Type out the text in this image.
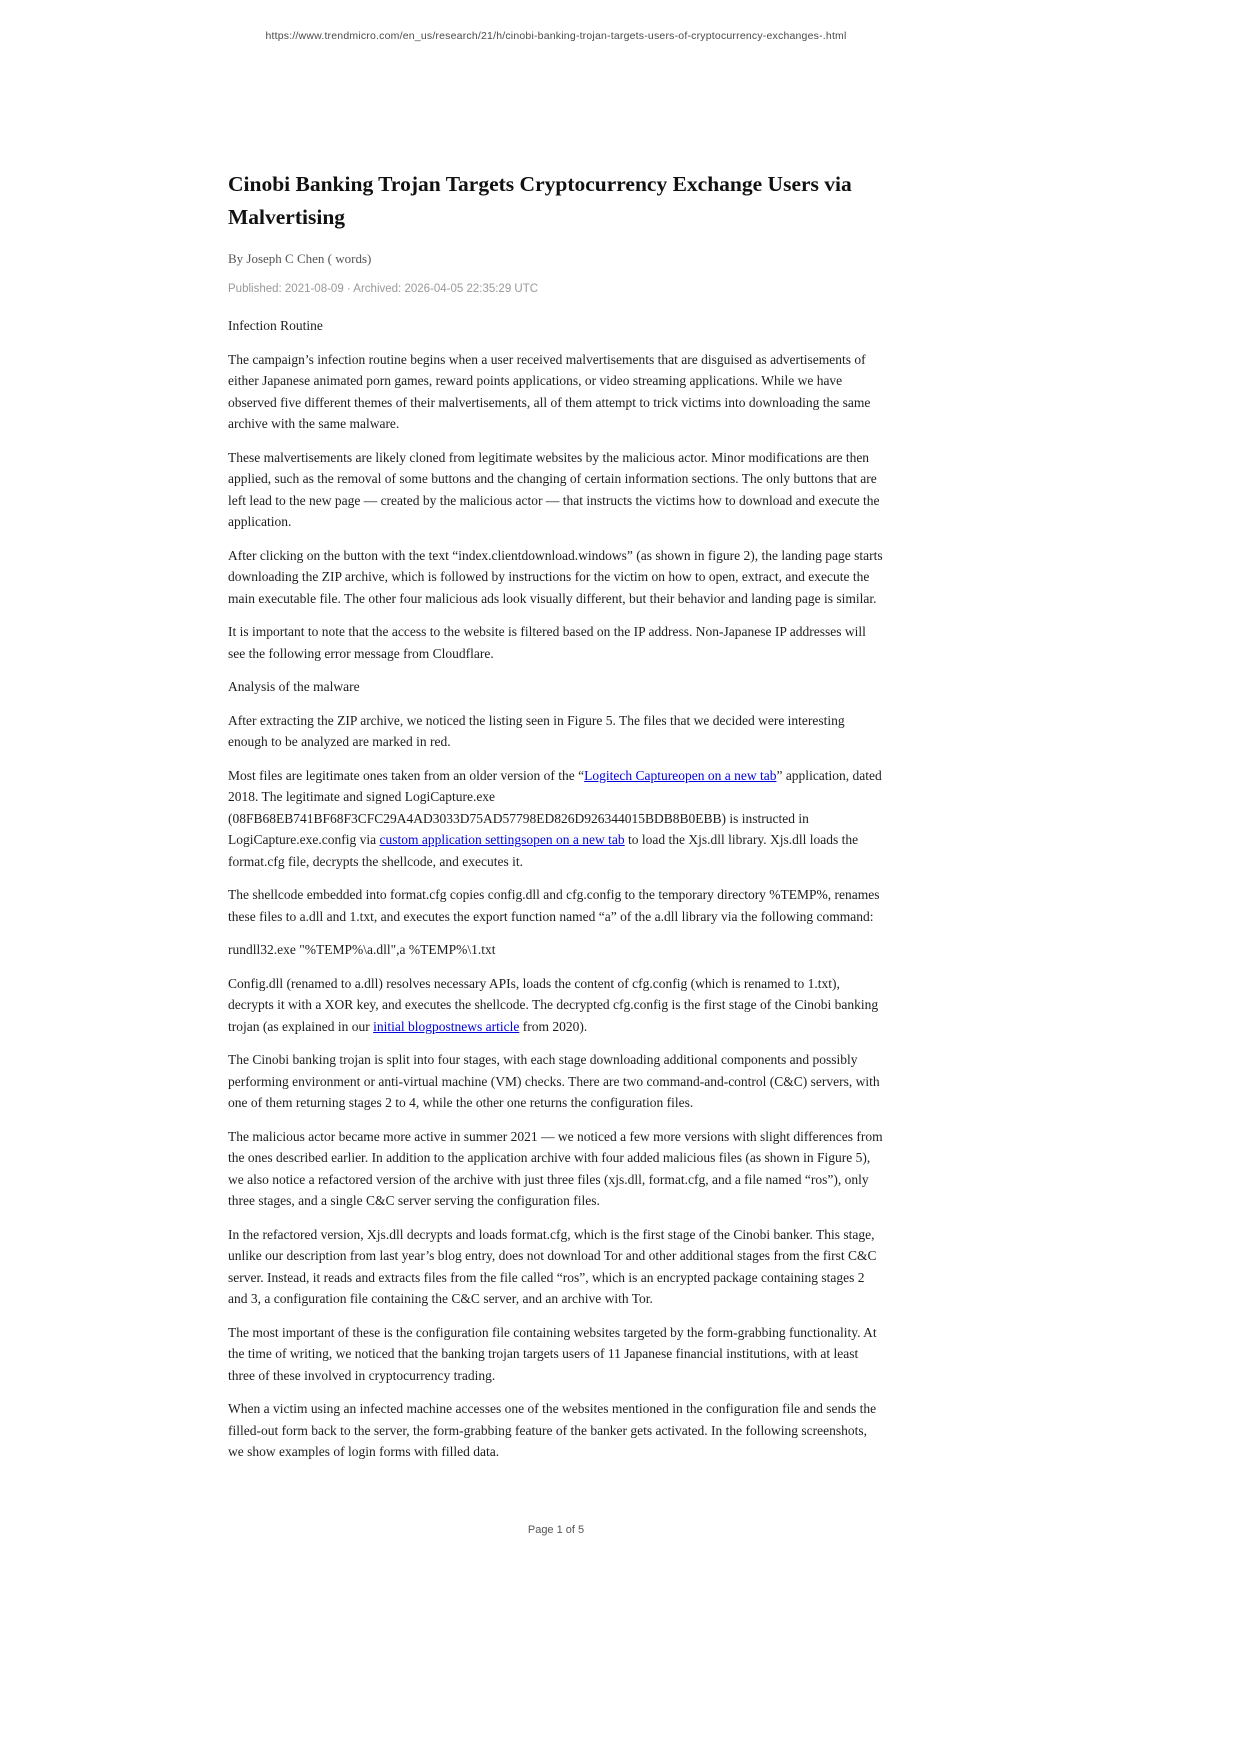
https://www.trendmicro.com/en_us/research/21/h/cinobi-banking-trojan-targets-users-of-cryptocurrency-exchanges-.html
Cinobi Banking Trojan Targets Cryptocurrency Exchange Users via Malvertising
By Joseph C Chen ( words)
Published: 2021-08-09 · Archived: 2026-04-05 22:35:29 UTC
Infection Routine

The campaign’s infection routine begins when a user received malvertisements that are disguised as advertisements of either Japanese animated porn games, reward points applications, or video streaming applications. While we have observed five different themes of their malvertisements, all of them attempt to trick victims into downloading the same archive with the same malware.

These malvertisements are likely cloned from legitimate websites by the malicious actor. Minor modifications are then applied, such as the removal of some buttons and the changing of certain information sections. The only buttons that are left lead to the new page — created by the malicious actor — that instructs the victims how to download and execute the application.

After clicking on the button with the text “index.clientdownload.windows” (as shown in figure 2), the landing page starts downloading the ZIP archive, which is followed by instructions for the victim on how to open, extract, and execute the main executable file. The other four malicious ads look visually different, but their behavior and landing page is similar.

It is important to note that the access to the website is filtered based on the IP address. Non-Japanese IP addresses will see the following error message from Cloudflare.

Analysis of the malware

After extracting the ZIP archive, we noticed the listing seen in Figure 5. The files that we decided were interesting enough to be analyzed are marked in red.

Most files are legitimate ones taken from an older version of the “Logitech Captureopen on a new tab” application, dated 2018. The legitimate and signed LogiCapture.exe (08FB68EB741BF68F3CFC29A4AD3033D75AD57798ED826D926344015BDB8B0EBB) is instructed in LogiCapture.exe.config via custom application settingsopen on a new tab to load the Xjs.dll library. Xjs.dll loads the format.cfg file, decrypts the shellcode, and executes it.

The shellcode embedded into format.cfg copies config.dll and cfg.config to the temporary directory %TEMP%, renames these files to a.dll and 1.txt, and executes the export function named “a” of the a.dll library via the following command:

rundll32.exe "%TEMP%\a.dll",a %TEMP%\1.txt

Config.dll (renamed to a.dll) resolves necessary APIs, loads the content of cfg.config (which is renamed to 1.txt), decrypts it with a XOR key, and executes the shellcode. The decrypted cfg.config is the first stage of the Cinobi banking trojan (as explained in our initial blogpostnews article from 2020).

The Cinobi banking trojan is split into four stages, with each stage downloading additional components and possibly performing environment or anti-virtual machine (VM) checks. There are two command-and-control (C&C) servers, with one of them returning stages 2 to 4, while the other one returns the configuration files.

The malicious actor became more active in summer 2021 — we noticed a few more versions with slight differences from the ones described earlier. In addition to the application archive with four added malicious files (as shown in Figure 5), we also notice a refactored version of the archive with just three files (xjs.dll, format.cfg, and a file named “ros”), only three stages, and a single C&C server serving the configuration files.

In the refactored version, Xjs.dll decrypts and loads format.cfg, which is the first stage of the Cinobi banker. This stage, unlike our description from last year’s blog entry, does not download Tor and other additional stages from the first C&C server. Instead, it reads and extracts files from the file called “ros”, which is an encrypted package containing stages 2 and 3, a configuration file containing the C&C server, and an archive with Tor.

The most important of these is the configuration file containing websites targeted by the form-grabbing functionality. At the time of writing, we noticed that the banking trojan targets users of 11 Japanese financial institutions, with at least three of these involved in cryptocurrency trading.

When a victim using an infected machine accesses one of the websites mentioned in the configuration file and sends the filled-out form back to the server, the form-grabbing feature of the banker gets activated. In the following screenshots, we show examples of login forms with filled data.

Page 1 of 5
